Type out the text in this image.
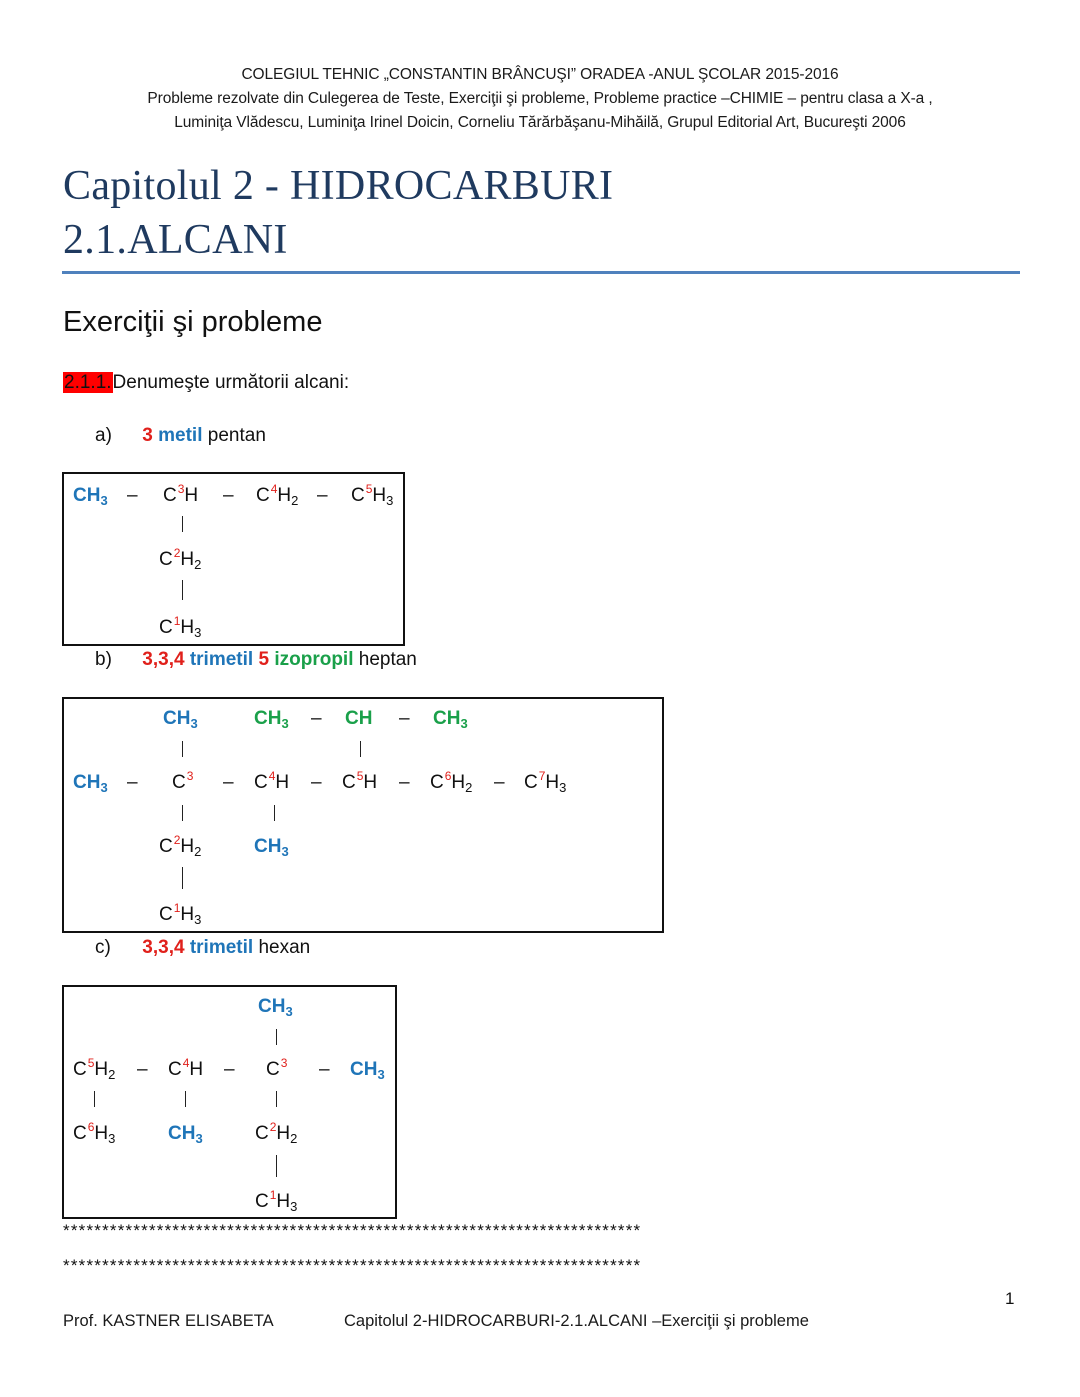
COLEGIUL TEHNIC „CONSTANTIN BRÂNCUŞI” ORADEA -ANUL ŞCOLAR 2015-2016
Probleme rezolvate din Culegerea de Teste, Exerciţii şi probleme, Probleme practice –CHIMIE – pentru clasa a X-a ,
Luminiţa Vlădescu, Luminiţa Irinel Doicin, Corneliu Tărărbăşanu-Mihăilă, Grupul Editorial Art, Bucureşti 2006
Capitolul 2 - HIDROCARBURI
2.1.ALCANI
Exerciţii şi probleme
2.1.1.Denumeşte următorii alcani:
a) 3 metil pentan
$CH_3 - C^3H - C^4H_2 - C^5H_3$
$C^2H_2$
$C^1H_3$
b) 3,3,4 trimetil 5 izopropil heptan
$CH_3$	$CH_3$ – CH – $CH_3$
$CH_3 - C^3 - C^4H - C^5H - C^6H_2 - C^7H_3$
$C^2H_2$	$CH_3$
$C^1H_3$
c) 3,3,4 trimetil hexan
$CH_3$
$C^5H_2 - C^4H - C^3 - CH_3$
$C^6H_3$	$CH_3$	$C^2H_2$
$C^1H_3$
**************************************************************************
**************************************************************************
1
Prof. KASTNER ELISABETA	Capitolul 2-HIDROCARBURI-2.1.ALCANI –Exerciţii şi probleme
